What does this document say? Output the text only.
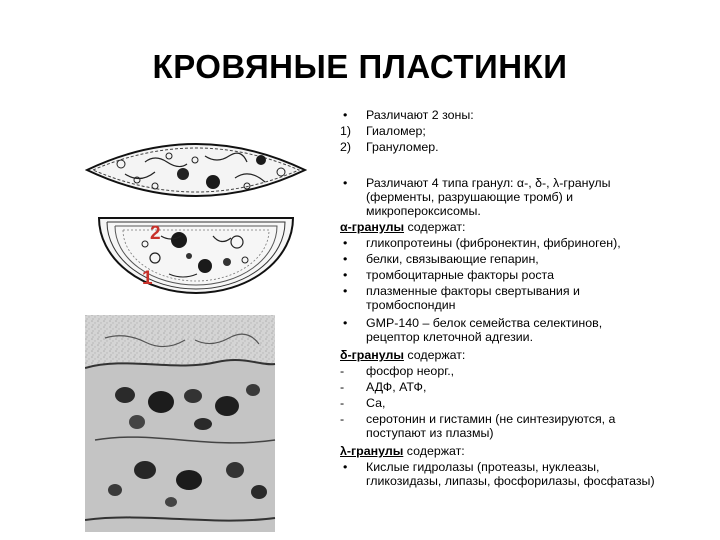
КРОВЯНЫЕ ПЛАСТИНКИ
2
1
• Различают 2 зоны:
1) Гиаломер;
2) Грануломер.
• Различают 4 типа гранул: α-, δ-, λ-гранулы
(ферменты, разрушающие тромб) и
микропероксисомы.
α-гранулы содержат:
• гликопротеины (фибронектин, фибриноген),
• белки, связывающие гепарин,
• тромбоцитарные факторы роста
• плазменные факторы свертывания и
тромбоспондин
• GMP-140 – белок семейства селектинов,
рецептор клеточной адгезии.
δ-гранулы содержат:
- фосфор неорг.,
- АДФ, АТФ,
- Са,
- серотонин и гистамин (не синтезируются, а
поступают из плазмы)
λ-гранулы содержат:
• Кислые гидролазы (протеазы, нуклеазы,
гликозидазы, липазы, фосфорилазы, фосфатазы)
